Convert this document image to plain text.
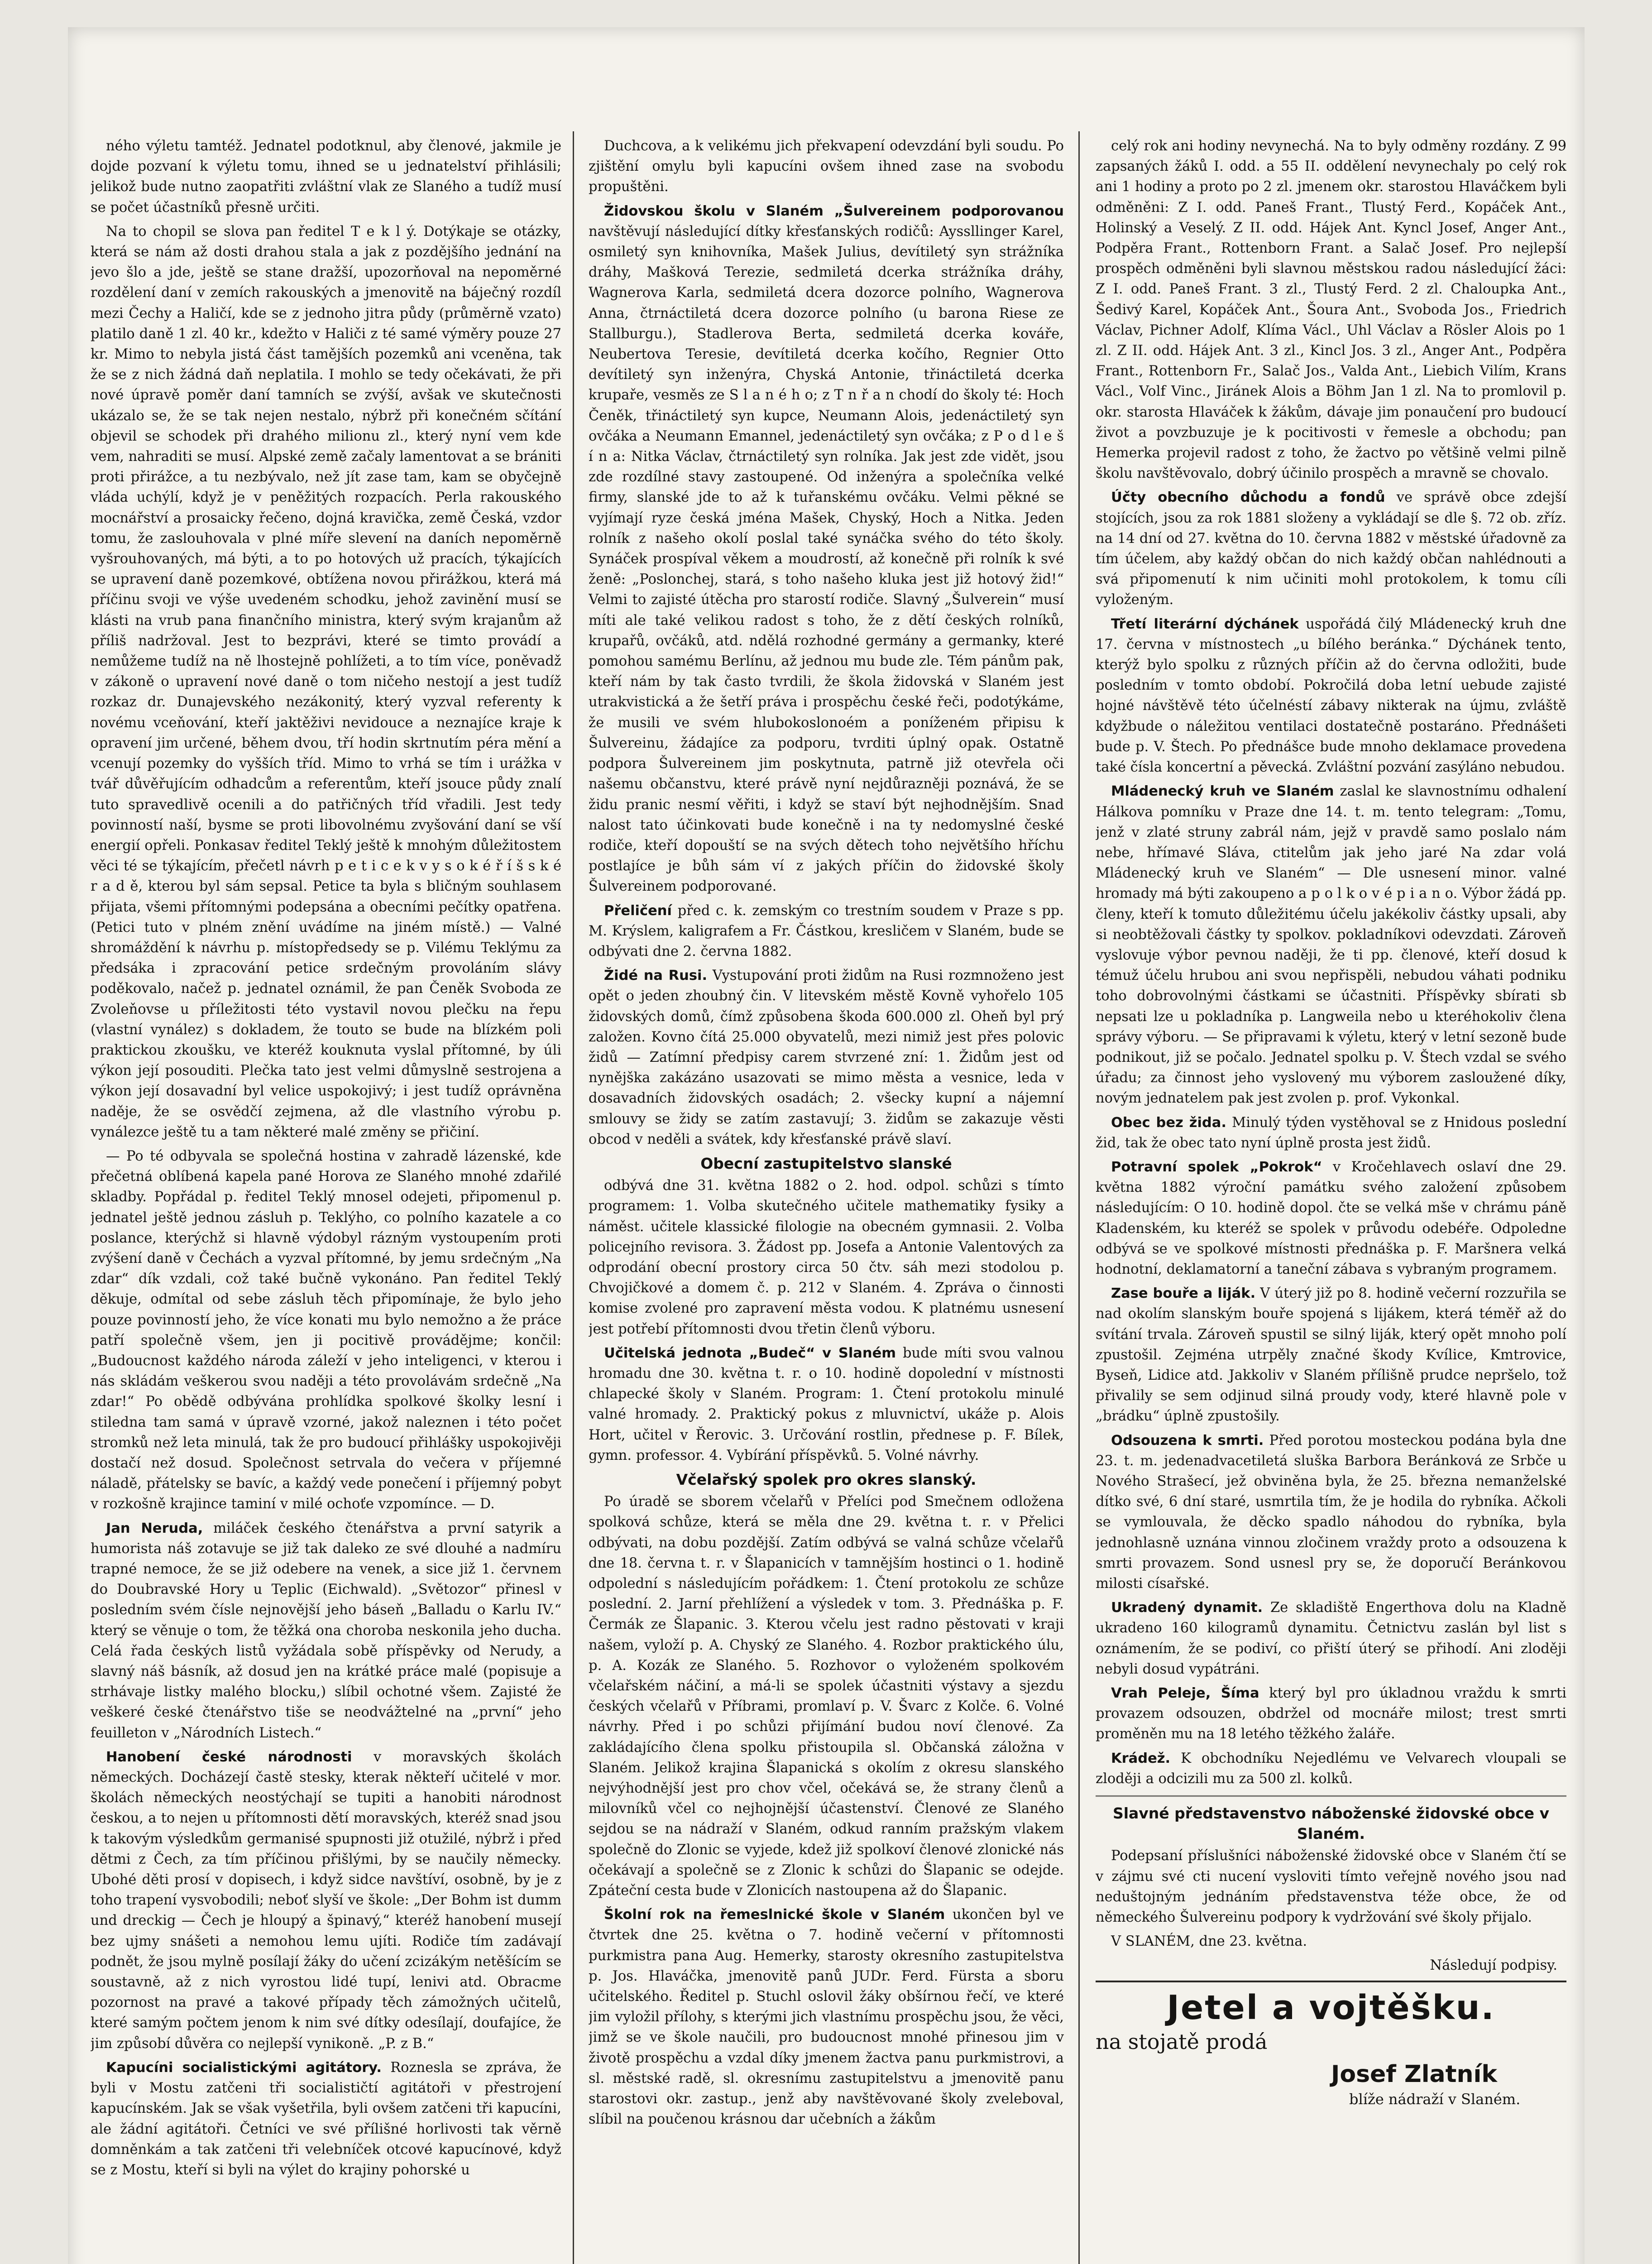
ného výletu tamtéž. Jednatel podotknul, aby členové, jakmile je dojde pozvaní k výletu tomu, ihned se u jednatelství přihlásili; jelikož bude nutno zaopatřiti zvláštní vlak ze Slaného a tudíž musí se počet účastníků přesně určiti.

Na to chopil se slova pan ředitel T e k l ý. Dotýkaje se otázky, která se nám až dosti drahou stala a jak z pozdějšího jednání na jevo šlo a jde, ještě se stane dražší, upozorňoval na nepoměrné rozdělení daní v zemích rakouských a jmenovitě na báječný rozdíl mezi Čechy a Haličí, kde se z jednoho jitra půdy (průměrně vzato) platilo daně 1 zl. 40 kr., kdežto v Haliči z té samé výměry pouze 27 kr. Mimo to nebyla jistá část tamějších pozemků ani vceněna, tak že se z nich žádná daň neplatila. I mohlo se tedy očekávati, že při nové úpravě poměr daní tamních se zvýší, avšak ve skutečnosti ukázalo se, že se tak nejen nestalo, nýbrž při konečném sčítání objevil se schodek při drahého milionu zl., který nyní vem kde vem, nahraditi se musí. Alpské země začaly lamentovat a se brániti proti přirážce, a tu nezbývalo, než jít zase tam, kam se obyčejně vláda uchýlí, když je v peněžitých rozpacích. Perla rakouského mocnářství a prosaicky řečeno, dojná kravička, země Česká, vzdor tomu, že zaslouhovala v plné míře slevení na daních nepoměrně vyšrouhovaných, má býti, a to po hotových už pracích, týkajících se upravení daně pozemkové, obtížena novou přirážkou, která má příčinu svoji ve výše uvedeném schodku, jehož zavinění musí se klásti na vrub pana finančního ministra, který svým krajanům až příliš nadržoval. Jest to bezprávi, které se timto provádí a nemůžeme tudíž na ně lhostejně pohlížeti, a to tím více, poněvadž v zákoně o upravení nové daně o tom ničeho nestojí a jest tudíž rozkaz dr. Dunajevského nezákonitý, který vyzval referenty k novému vceňování, kteří jaktěživi nevidouce a neznajíce kraje k opravení jim určené, během dvou, tří hodin skrtnutím péra mění a vcenují pozemky do vyšších tříd. Mimo to vrhá se tím i urážka v tvář důvěřujícím odhadcům a referentům, kteří jsouce půdy znalí tuto spravedlivě ocenili a do patřičných tříd vřadili. Jest tedy povinností naší, bysme se proti libovolnému zvyšování daní se vší energií opřeli. Ponkasav ředitel Teklý ještě k mnohým důležitostem věci té se týkajícím, přečetl návrh p e t i c e k v y s o k é ř í š s k é r a d ě, kterou byl sám sepsal. Petice ta byla s bličným souhlasem přijata, všemi přítomnými podepsána a obecními pečítky opatřena. (Petici tuto v plném znění uvádíme na jiném místě.) — Valné shromáždění k návrhu p. místopředsedy se p. Vilému Teklýmu za předsáka i zpracování petice srdečným provoláním slávy poděkovalo, načež p. jednatel oznámil, že pan Čeněk Svoboda ze Zvoleňovse u příležitosti této vystavil novou plečku na řepu (vlastní vynález) s dokladem, že touto se bude na blízkém poli praktickou zkoušku, ve kteréž kouknuta vyslal přítomné, by úli výkon její posouditi. Plečka tato jest velmi důmyslně sestrojena a výkon její dosavadní byl velice uspokojivý; i jest tudíž oprávněna naděje, že se osvědčí zejmena, až dle vlastního výrobu p. vynálezce ještě tu a tam některé malé změny se přičiní.

— Po té odbyvala se společná hostina v zahradě lázenské, kde přečetná oblíbená kapela pané Horova ze Slaného mnohé zdařilé skladby. Popřádal p. ředitel Teklý mnosel odejeti, připomenul p. jednatel ještě jednou zásluh p. Teklýho, co polního kazatele a co poslance, kterýchž si hlavně výdobyl rázným vystoupením proti zvýšení daně v Čechách a vyzval přítomné, by jemu srdečným „Na zdar“ dík vzdali, což také bučně vykonáno. Pan ředitel Teklý děkuje, odmítal od sebe zásluh těch připomínaje, že bylo jeho pouze povinností jeho, že více konati mu bylo nemožno a že práce patří společně všem, jen ji pocitivě provádějme; končil: „Budoucnost každého národa záleží v jeho inteligenci, v kterou i nás skládám veškerou svou naději a této provolávám srdečně „Na zdar!“ Po obědě odbývána prohlídka spolkové školky lesní i stiledna tam samá v úpravě vzorné, jakož naleznen i této počet stromků než leta minulá, tak že pro budoucí přihlášky uspokojivěji dostačí než dosud. Společnost setrvala do večera v příjemné náladě, přátelsky se bavíc, a každý vede ponečení i příjemný pobyt v rozkošně krajince taminí v milé ochoťe vzpomínce. — D.

Jan Neruda, miláček českého čtenářstva a první satyrik a humorista náš zotavuje se již tak daleko ze své dlouhé a nadmíru trapné nemoce, že se již odebere na venek, a sice již 1. červnem do Doubravské Hory u Teplic (Eichwald). „Světozor“ přinesl v posledním svém čísle nejnovější jeho báseň „Balladu o Karlu IV.“ který se věnuje o tom, že těžká ona choroba neskonila jeho ducha. Celá řada českých listů vyžádala sobě příspěvky od Nerudy, a slavný náš básník, až dosud jen na krátké práce malé (popisuje a strhávaje listky malého blocku,) slíbil ochotné všem. Zajisté že veškeré české čtenářstvo tiše se neodvážtelné na „první“ jeho feuilleton v „Národních Listech.“

Hanobení české národnosti v moravských školách německých. Docházejí častě stesky, kterak někteří učitelé v mor. školách německých neostýchají se tupiti a hanobiti národnost českou, a to nejen u přítomnosti dětí moravských, kteréž snad jsou k takovým výsledkům germanisé spupnosti již otužilé, nýbrž i před dětmi z Čech, za tím příčinou přišlými, by se naučily německy. Ubohé děti prosí v dopisech, i když sidce navštíví, osobně, by je z toho trapení vysvobodili; neboť slyší ve škole: „Der Bohm ist dumm und dreckig — Čech je hloupý a špinavý,“ kteréž hanobení musejí bez ujmy snášeti a nemohou lemu ujíti. Rodiče tím zadávají podnět, že jsou mylně posílají žáky do učení zcizákým netěšícím se soustavně, až z nich vyrostou lidé tupí, lenivi atd. Obracme pozornost na pravé a takové případy těch zámožných učitelů, které samým počtem jenom k nim své dítky odesílají, doufajíce, že jim způsobí důvěra co nejlepší vynikoně. „P. z B.“

Kapucíni socialistickými agitátory. Roznesla se zpráva, že byli v Mostu zatčeni tři socialističtí agitátoři v přestrojení kapucínském. Jak se však vyšetřila, byli ovšem zatčeni tři kapucíni, ale žádní agitátoři. Četníci ve své přílišné horlivosti tak věrně domněnkám a tak zatčeni tři velebníček otcové kapucínové, když se z Mostu, kteří si byli na výlet do krajiny pohorské u

Duchcova, a k velikému jich překvapení odevzdání byli soudu. Po zjištění omylu byli kapucíni ovšem ihned zase na svobodu propuštěni.

Židovskou školu v Slaném „Šulvereinem podporovanou navštěvují následující dítky křesťanských rodičů: Ayssllinger Karel, osmiletý syn knihovníka, Mašek Julius, devítiletý syn strážníka dráhy, Mašková Terezie, sedmiletá dcerka strážníka dráhy, Wagnerova Karla, sedmiletá dcera dozorce polního, Wagnerova Anna, čtrnáctiletá dcera dozorce polního (u barona Riese ze Stallburgu.), Stadlerova Berta, sedmiletá dcerka kováře, Neubertova Teresie, devítiletá dcerka kočího, Regnier Otto devítiletý syn inženýra, Chyská Antonie, třináctiletá dcerka krupaře, vesměs ze S l a n é h o; z T n ř a n chodí do školy té: Hoch Čeněk, třináctiletý syn kupce, Neumann Alois, jedenáctiletý syn ovčáka a Neumann Emannel, jedenáctiletý syn ovčáka; z P o d l e š í n a: Nitka Václav, čtrnáctiletý syn rolníka. Jak jest zde vidět, jsou zde rozdílné stavy zastoupené. Od inženýra a společníka velké firmy, slanské jde to až k tuřanskému ovčáku. Velmi pěkné se vyjímají ryze česká jména Mašek, Chyský, Hoch a Nitka. Jeden rolník z našeho okolí poslal také synáčka svého do této školy. Synáček prospíval věkem a moudrostí, až konečně při rolník k své ženě: „Poslonchej, stará, s toho našeho kluka jest již hotový žid!“ Velmi to zajisté útěcha pro starostí rodiče. Slavný „Šulverein“ musí míti ale také velikou radost s toho, že z dětí českých rolníků, krupařů, ovčáků, atd. ndělá rozhodné germány a germanky, které pomohou samému Berlínu, až jednou mu bude zle. Tém pánům pak, kteří nám by tak často tvrdili, že škola židovská v Slaném jest utrakvistická a že šetří práva i prospěchu české řeči, podotýkáme, že musili ve svém hlubokoslonoém a poníženém připisu k Šulvereinu, žádajíce za podporu, tvrditi úplný opak. Ostatně podpora Šulvereinem jim poskytnuta, patrně již otevřela oči našemu občanstvu, které právě nyní nejdůrazněji poznává, že se židu pranic nesmí věřiti, i když se staví být nejhodnějším. Snad nalost tato účinkovati bude konečně i na ty nedomyslné české rodiče, kteří dopouští se na svých dětech toho největšího hříchu postlajíce je bůh sám ví z jakých příčin do židovské školy Šulvereinem podporované.

Přeličení před c. k. zemským co trestním soudem v Praze s pp. M. Krýslem, kaligrafem a Fr. Částkou, kresličem v Slaném, bude se odbývati dne 2. června 1882.

Židé na Rusi. Vystupování proti židům na Rusi rozmnoženo jest opět o jeden zhoubný čin. V litevském městě Kovně vyhořelo 105 židovských domů, čímž způsobena škoda 600.000 zl. Oheň byl prý založen. Kovno čítá 25.000 obyvatelů, mezi nimiž jest přes polovic židů — Zatímní předpisy carem stvrzené zní: 1. Židům jest od nynějška zakázáno usazovati se mimo města a vesnice, leda v dosavadních židovských osadách; 2. všecky kupní a nájemní smlouvy se židy se zatím zastavují; 3. židům se zakazuje věsti obcod v neděli a svátek, kdy křesťanské právě slaví.

Obecní zastupitelstvo slanské

odbývá dne 31. května 1882 o 2. hod. odpol. schůzi s tímto programem: 1. Volba skutečného učitele mathematiky fysiky a náměst. učitele klassické filologie na obecném gymnasii. 2. Volba policejního revisora. 3. Žádost pp. Josefa a Antonie Valentových za odprodání obecní prostory circa 50 čtv. sáh mezi stodolou p. Chvojičkové a domem č. p. 212 v Slaném. 4. Zpráva o činnosti komise zvolené pro zapravení města vodou. K platnému usnesení jest potřebí přítomnosti dvou třetin členů výboru.

Učitelská jednota „Budeč“ v Slaném bude míti svou valnou hromadu dne 30. května t. r. o 10. hodině dopolední v místnosti chlapecké školy v Slaném. Program: 1. Čtení protokolu minulé valné hromady. 2. Praktický pokus z mluvnictví, ukáže p. Alois Hort, učitel v Řerovic. 3. Určování rostlin, přednese p. F. Bílek, gymn. professor. 4. Vybírání příspěvků. 5. Volné návrhy.

Včelařský spolek pro okres slanský.

Po úradě se sborem včelařů v Přelíci pod Smečnem odložena spolková schůze, která se měla dne 29. května t. r. v Přelici odbývati, na dobu pozdější. Zatím odbývá se valná schůze včelařů dne 18. června t. r. v Šlapanicích v tamnějším hostinci o 1. hodině odpolední s následujícím pořádkem: 1. Čtení protokolu ze schůze poslední. 2. Jarní přehlížení a výsledek v tom. 3. Přednáška p. F. Čermák ze Šlapanic. 3. Kterou včelu jest radno pěstovati v kraji našem, vyloží p. A. Chyský ze Slaného. 4. Rozbor praktického úlu, p. A. Kozák ze Slaného. 5. Rozhovor o vyloženém spolkovém včelařském náčiní, a má-li se spolek účastniti výstavy a sjezdu českých včelařů v Příbrami, promlaví p. V. Švarc z Kolče. 6. Volné návrhy. Před i po schůzi přijímání budou noví členové. Za zakládajícího člena spolku přistoupila sl. Občanská záložna v Slaném. Jelikož krajina Šlapanická s okolím z okresu slanského nejvýhodnější jest pro chov včel, očekává se, že strany členů a milovníků včel co nejhojnější účastenství. Členové ze Slaného sejdou se na nádraží v Slaném, odkud ranním pražským vlakem společně do Zlonic se vyjede, kdež již spolkoví členové zlonické nás očekávají a společně se z Zlonic k schůzi do Šlapanic se odejde. Zpáteční cesta bude v Zlonicích nastoupena až do Šlapanic.

Školní rok na řemeslnické škole v Slaném ukončen byl ve čtvrtek dne 25. května o 7. hodině večerní v přítomnosti purkmistra pana Aug. Hemerky, starosty okresního zastupitelstva p. Jos. Hlaváčka, jmenovitě panů JUDr. Ferd. Fürsta a sboru učitelského. Ředitel p. Stuchl oslovil žáky obšírnou řečí, ve které jim vyložil přílohy, s kterými jich vlastnímu prospěchu jsou, že věci, jimž se ve škole naučili, pro budoucnost mnohé přinesou jim v životě prospěchu a vzdal díky jmenem žactva panu purkmistrovi, a sl. městské radě, sl. okresnímu zastupitelstvu a jmenovitě panu starostovi okr. zastup., jenž aby navštěvované školy zveleboval, slíbil na poučenou krásnou dar učebních a žákům

celý rok ani hodiny nevynechá. Na to byly odměny rozdány. Z 99 zapsaných žáků I. odd. a 55 II. oddělení nevynechaly po celý rok ani 1 hodiny a proto po 2 zl. jmenem okr. starostou Hlaváčkem byli odměněni: Z I. odd. Paneš Frant., Tlustý Ferd., Kopáček Ant., Holinský a Veselý. Z II. odd. Hájek Ant. Kyncl Josef, Anger Ant., Podpěra Frant., Rottenborn Frant. a Salač Josef. Pro nejlepší prospěch odměněni byli slavnou městskou radou následující žáci: Z I. odd. Paneš Frant. 3 zl., Tlustý Ferd. 2 zl. Chaloupka Ant., Šedivý Karel, Kopáček Ant., Šoura Ant., Svoboda Jos., Friedrich Václav, Pichner Adolf, Klíma Václ., Uhl Václav a Rösler Alois po 1 zl. Z II. odd. Hájek Ant. 3 zl., Kincl Jos. 3 zl., Anger Ant., Podpěra Frant., Rottenborn Fr., Salač Jos., Valda Ant., Liebich Vilím, Krans Václ., Volf Vinc., Jiránek Alois a Böhm Jan 1 zl. Na to promlovil p. okr. starosta Hlaváček k žákům, dávaje jim ponaučení pro budoucí život a povzbuzuje je k pocitivosti v řemesle a obchodu; pan Hemerka projevil radost z toho, že žactvo po většině velmi pilně školu navštěvovalo, dobrý účinilo prospěch a mravně se chovalo.

Účty obecního důchodu a fondů ve správě obce zdejší stojících, jsou za rok 1881 složeny a vykládají se dle §. 72 ob. zříz. na 14 dní od 27. května do 10. června 1882 v městské úřadovně za tím účelem, aby každý občan do nich každý občan nahlédnouti a svá připomenutí k nim učiniti mohl protokolem, k tomu cíli vyloženým.

Třetí literární dýchánek uspořádá čilý Mládenecký kruh dne 17. června v místnostech „u bílého beránka.“ Dýchánek tento, kterýž bylo spolku z různých příčin až do června odložiti, bude posledním v tomto období. Pokročilá doba letní uebude zajisté hojné návštěvě této účelnéstí zábavy nikterak na újmu, zvláště kdyžbude o náležitou ventilaci dostatečně postaráno. Přednášeti bude p. V. Štech. Po přednášce bude mnoho deklamace provedena také čísla koncertní a pěvecká. Zvláštní pozvání zasýláno nebudou.

Mládenecký kruh ve Slaném zaslal ke slavnostnímu odhalení Hálkova pomníku v Praze dne 14. t. m. tento telegram: „Tomu, jenž v zlaté struny zabrál nám, jejž v pravdě samo poslalo nám nebe, hřímavé Sláva, ctitelům jak jeho jaré Na zdar volá Mládenecký kruh ve Slaném“ — Dle usnesení minor. valné hromady má býti zakoupeno a p o l k o v é p i a n o. Výbor žádá pp. členy, kteří k tomuto důležitému účelu jakékoliv částky upsali, aby si neobtěžovali částky ty spolkov. pokladníkovi odevzdati. Zároveň vyslovuje výbor pevnou naději, že ti pp. členové, kteří dosud k témuž účelu hrubou ani svou nepřispěli, nebudou váhati podniku toho dobrovolnými částkami se účastniti. Příspěvky sbírati sb nepsati lze u pokladníka p. Langweila nebo u kteréhokoliv člena správy výboru. — Se připravami k výletu, který v letní sezoně bude podnikout, již se počalo. Jednatel spolku p. V. Štech vzdal se svého úřadu; za činnost jeho vyslovený mu výborem zasloužené díky, novým jednatelem pak jest zvolen p. prof. Vykonkal.

Obec bez žida. Minulý týden vystěhoval se z Hnidous poslední žid, tak že obec tato nyní úplně prosta jest židů.

Potravní spolek „Pokrok“ v Kročehlavech oslaví dne 29. května 1882 výroční památku svého založení způsobem následujícím: O 10. hodině dopol. čte se velká mše v chrámu páně Kladenském, ku kteréž se spolek v průvodu odebéře. Odpoledne odbývá se ve spolkové místnosti přednáška p. F. Maršnera velká hodnotní, deklamatorní a taneční zábava s vybraným programem.

Zase bouře a liják. V úterý již po 8. hodině večerní rozzuřila se nad okolím slanským bouře spojená s lijákem, která téměř až do svítání trvala. Zároveň spustil se silný liják, který opět mnoho polí zpustošil. Zejména utrpěly značné škody Kvílice, Kmtrovice, Byseň, Lidice atd. Jakkoliv v Slaném přílišně prudce nepršelo, tož přivalily se sem odjinud silná proudy vody, které hlavně pole v „brádku“ úplně zpustošily.

Odsouzena k smrti. Před porotou mosteckou podána byla dne 23. t. m. jedenadvacetiletá sluška Barbora Beránková ze Srbče u Nového Strašecí, jež obviněna byla, že 25. března nemanželské dítko své, 6 dní staré, usmrtila tím, že je hodila do rybníka. Ačkoli se vymlouvala, že děcko spadlo náhodou do rybníka, byla jednohlasně uznána vinnou zločinem vraždy proto a odsouzena k smrti provazem. Sond usnesl pry se, že doporučí Beránkovou milosti císařské.

Ukradený dynamit. Ze skladiště Engerthova dolu na Kladně ukradeno 160 kilogramů dynamitu. Četnictvu zaslán byl list s oznámením, že se podiví, co přiští úterý se přihodí. Ani zloději nebyli dosud vypátráni.

Vrah Peleje, Šíma který byl pro úkladnou vraždu k smrti provazem odsouzen, obdržel od mocnáře milost; trest smrti proměněn mu na 18 letého těžkého žaláře.

Krádež. K obchodníku Nejedlému ve Velvarech vloupali se zloději a odcizili mu za 500 zl. kolků.

Slavné představenstvo náboženské židovské obce v Slaném.

Podepsaní příslušníci náboženské židovské obce v Slaném čtí se v zájmu své cti nucení vysloviti tímto veřejně nového jsou nad neduštojným jednáním představenstva téže obce, že od německého Šulvereinu podpory k vydržování své školy přijalo.

V SLANÉM, dne 23. května.

Následují podpisy.
Jetel a vojtěšku.

na stojatě prodá

Josef Zlatník
blíže nádraží v Slaném.
